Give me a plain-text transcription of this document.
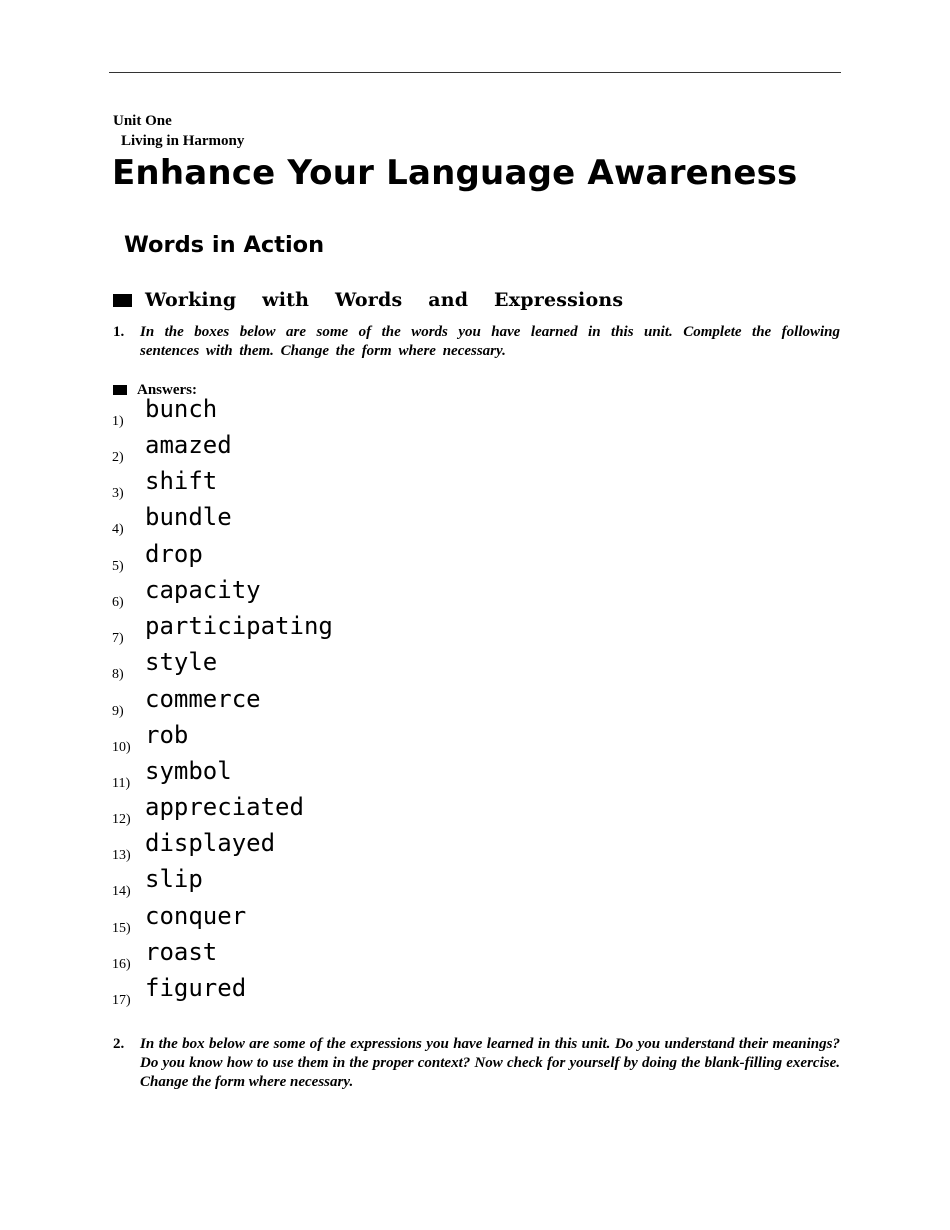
Unit One
Living in Harmony
Enhance Your Language Awareness
Words in Action
Working with Words and Expressions
1.	In the boxes below are some of the words you have learned in this unit. Complete the following sentences with them. Change the form where necessary.
Answers:
1) bunch
2) amazed
3) shift
4) bundle
5) drop
6) capacity
7) participating
8) style
9) commerce
10) rob
11) symbol
12) appreciated
13) displayed
14) slip
15) conquer
16) roast
17) figured
2.	In the box below are some of the expressions you have learned in this unit. Do you understand their meanings? Do you know how to use them in the proper context? Now check for yourself by doing the blank-filling exercise. Change the form where necessary.
